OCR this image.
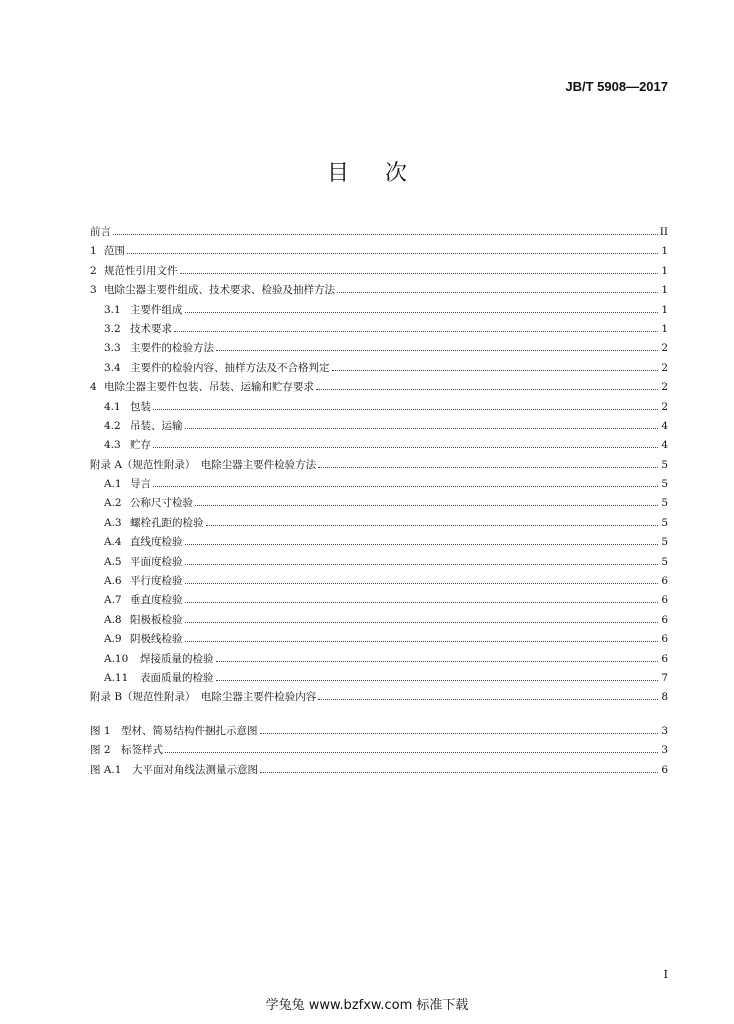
JB/T 5908—2017
目次
前言	II
1 范围	1
2 规范性引用文件	1
3 电除尘器主要件组成、技术要求、检验及抽样方法	1
3.1 主要件组成	1
3.2 技术要求	1
3.3 主要件的检验方法	2
3.4 主要件的检验内容、抽样方法及不合格判定	2
4 电除尘器主要件包装、吊装、运输和贮存要求	2
4.1 包装	2
4.2 吊装、运输	4
4.3 贮存	4
附录 A（规范性附录）　电除尘器主要件检验方法	5
A.1 导言	5
A.2 公称尺寸检验	5
A.3 螺栓孔距的检验	5
A.4 直线度检验	5
A.5 平面度检验	5
A.6 平行度检验	6
A.7 垂直度检验	6
A.8 阳极板检验	6
A.9 阴极线检验	6
A.10	焊接质量的检验	6
A.11	表面质量的检验	7
附录 B（规范性附录）　电除尘器主要件检验内容	8
图 1　型材、简易结构件捆扎示意图	3
图 2　标签样式	3
图 A.1　大平面对角线法测量示意图	6
I
学兔兔 www.bzfxw.com 标准下载
